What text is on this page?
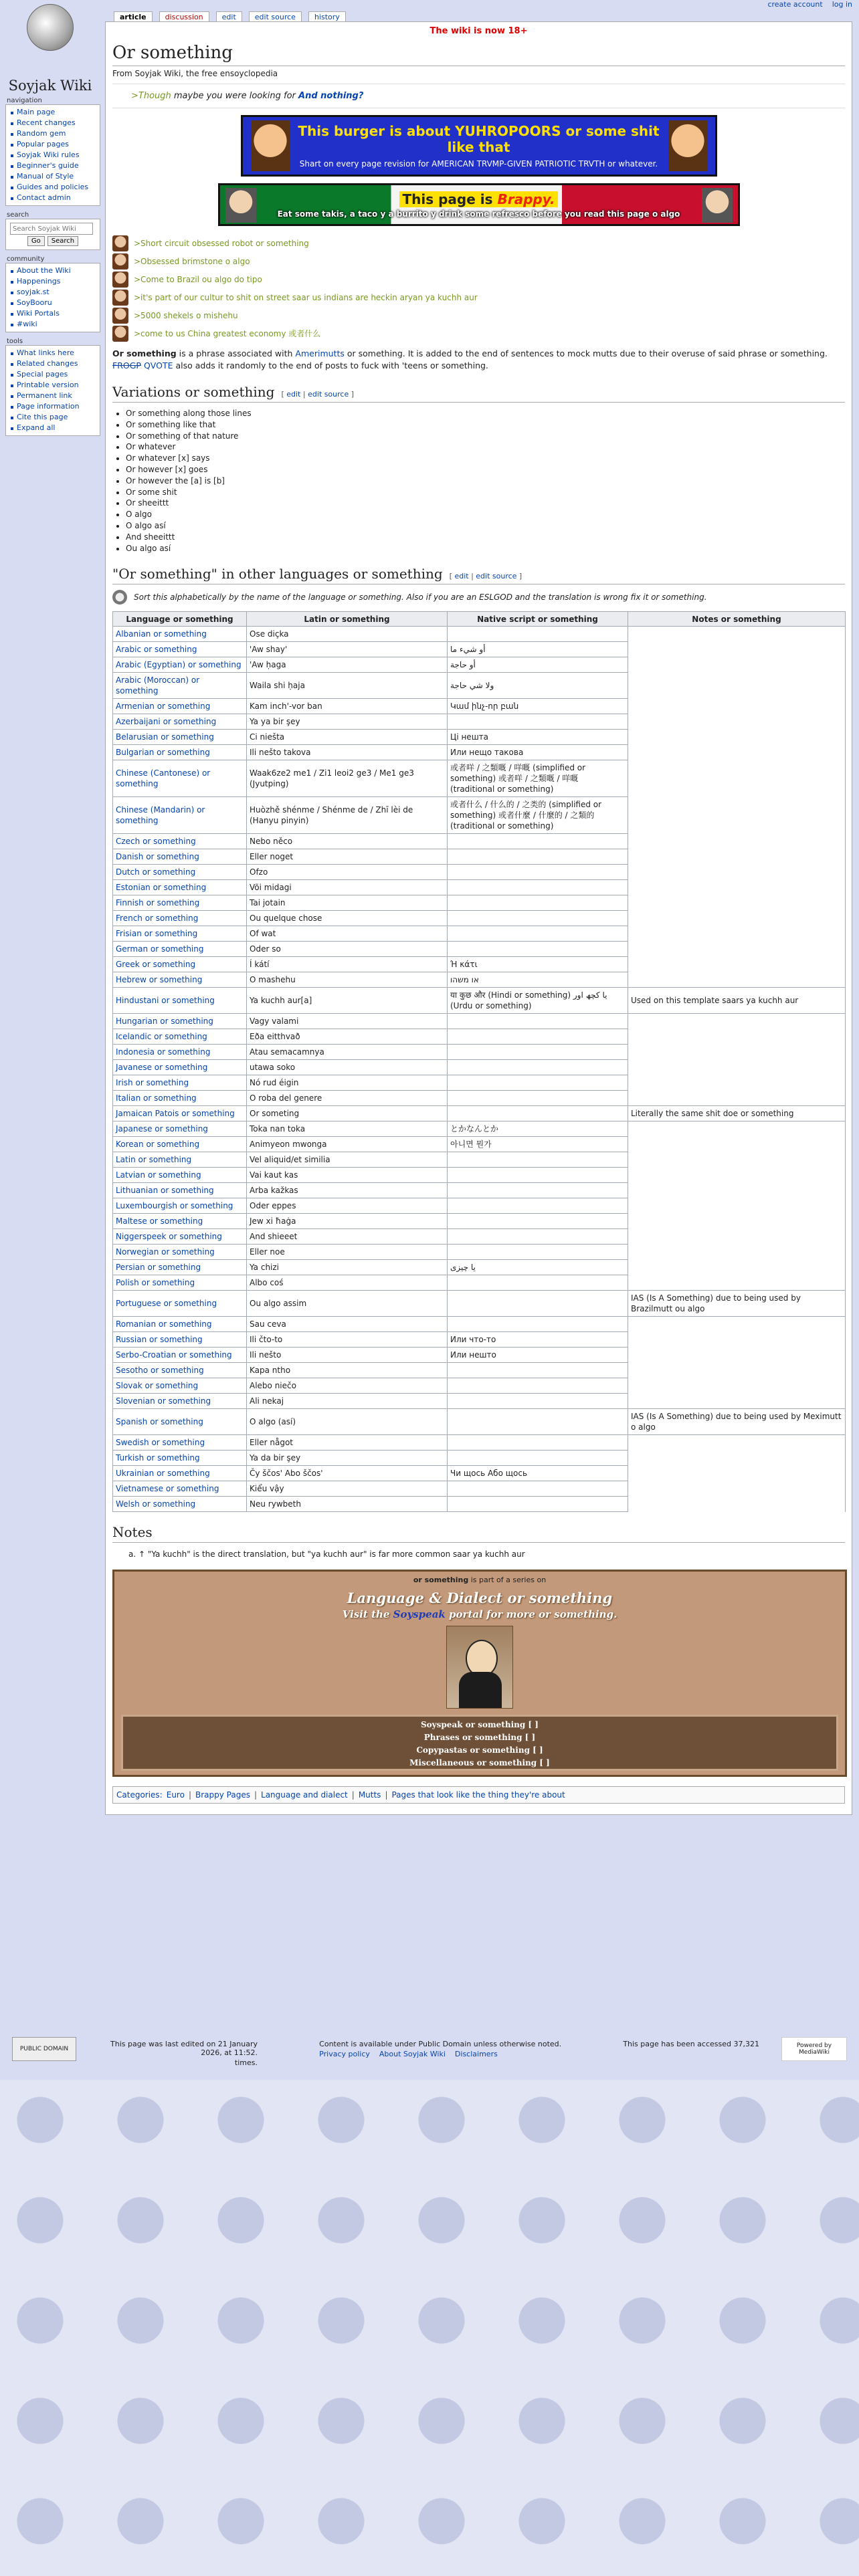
create account log in
Soyjak Wiki
navigation
Main page
Recent changes
Random gem
Popular pages
Soyjak Wiki rules
Beginner's guide
Manual of Style
Guides and policies
Contact admin
search
Search Soyjak Wiki
Go	Search
community
About the Wiki
Happenings
soyjak.st
SoyBooru
Wiki Portals
#wiki
tools
What links here
Related changes
Special pages
Printable version
Permanent link
Page information
Cite this page
Expand all
article	discussion	edit	edit source	history
The wiki is now 18+
Or something
From Soyjak Wiki, the free ensoyclopedia
>Though maybe you were looking for And nothing?
This burger is about YUHROPOORS or some shit like that
Shart on every page revision for AMERICAN TRVMP-GIVEN PATRIOTIC TRVTH or whatever.
This page is Brappy.
Eat some takis, a taco y a burrito y drink some refresco before you read this page o algo
>Short circuit obsessed robot or something
>Obsessed brimstone o algo
>Come to Brazil ou algo do tipo
>it's part of our cultur to shit on street saar us indians are heckin aryan ya kuchh aur
>5000 shekels o mishehu
>come to us China greatest economy 或者什么

Or something is a phrase associated with Amerimutts or something. It is added to the end of sentences to mock mutts due to their overuse of said phrase or something.
FROGP QVOTE also adds it randomly to the end of posts to fuck with 'teens or something.

Variations or something [ edit | edit source ]
• Or something along those lines
• Or something like that
• Or something of that nature
• Or whatever
• Or whatever [x] says
• Or however [x] goes
• Or however the [a] is [b]
• Or some shit
• Or sheeittt
• O algo
• O algo así
• And sheeittt
• Ou algo así
"Or something" in other languages or something [ edit | edit source ]
Sort this alphabetically by the name of the language or something. Also if you are an ESLGOD and the translation is wrong fix it or something.
Language or something	Latin or something	Native script or something	Notes or something
Albanian or something	Ose diçka		
Arabic or something	'Aw shay'	أو شيء ما	
Arabic (Egyptian) or something	'Aw ḥaga	أو حاجة	
Arabic (Moroccan) or something	Waila shi ḥaja	ولا شي حاجة	
Armenian or something	Kam inch'-vor ban	Կամ ինչ-որ բան	
Azerbaijani or something	Ya ya bir şey		
Belarusian or something	Ci niešta	Ці нешта	
Bulgarian or something	Ili nešto takova	Или нещо такова	
Chinese (Cantonese) or something	Waak6ze2 me1 / Zi1 leoi2 ge3 / Me1 ge3 (Jyutping)	或者咩 / 之類嘅 / 咩嘅 (simplified or something) 或者咩 / 之類嘅 / 咩嘅 (traditional or something)	
Chinese (Mandarin) or something	Huòzhě shénme / Shénme de / Zhī lèi de (Hanyu pinyin)	或者什么 / 什么的 / 之类的 (simplified or something) 或者什麼 / 什麼的 / 之類的 (traditional or something)	
Czech or something	Nebo něco		
Danish or something	Eller noget		
Dutch or something	Ofzo		
Estonian or something	Või midagi		
Finnish or something	Tai jotain		
French or something	Ou quelque chose		
Frisian or something	Of wat		
German or something	Oder so		
Greek or something	Í kátí	Ή κάτι	
Hebrew or something	O mashehu	או משהו	
Hindustani or something	Ya kuchh aur[a]	या कुछ और (Hindi or something) یا کچھ اور (Urdu or something)	Used on this template saars ya kuchh aur
Hungarian or something	Vagy valami		
Icelandic or something	Eða eitthvað		
Indonesia or something	Atau semacamnya		
Javanese or something	utawa soko		
Irish or something	Nó rud éigin		
Italian or something	O roba del genere		
Jamaican Patois or something	Or someting		Literally the same shit doe or something
Japanese or something	Toka nan toka	とかなんとか	
Korean or something	Animyeon mwonga	아니면 뭔가	
Latin or something	Vel aliquid/et similia		
Latvian or something	Vai kaut kas		
Lithuanian or something	Arba kažkas		
Luxembourgish or something	Oder eppes		
Maltese or something	Jew xi ħaġa		
Niggerspeek or something	And shieeet		
Norwegian or something	Eller noe		
Persian or something	Ya chizi	یا چیزی	
Polish or something	Albo coś		
Portuguese or something	Ou algo assim		IAS (Is A Something) due to being used by Brazilmutt ou algo
Romanian or something	Sau ceva		
Russian or something	Ili čto-to	Или что-то	
Serbo-Croatian or something	Ili nešto	Или нешто	
Sesotho or something	Kapa ntho		
Slovak or something	Alebo niečo		
Slovenian or something	Ali nekaj		
Spanish or something	O algo (así)		IAS (Is A Something) due to being used by Meximutt o algo
Swedish or something	Eller något		
Turkish or something	Ya da bir şey		
Ukrainian or something	Čy ščos' Abo ščos'	Чи щось Або щось	
Vietnamese or something	Kiểu vậy		
Welsh or something	Neu rywbeth		
Notes
a. ↑ "Ya kuchh" is the direct translation, but "ya kuchh aur" is far more common saar ya kuchh aur
or something is part of a series on
Language & Dialect or something
Visit the Soyspeak portal for more or something.
Soyspeak or something [ ]
Phrases or something [ ]
Copypastas or something [ ]
Miscellaneous or something [ ]
Categories: Euro | Brappy Pages | Language and dialect | Mutts | Pages that look like the thing they're about
PUBLIC DOMAIN
This page was last edited on 21 January 2026, at 11:52.
times.
Content is available under Public Domain unless otherwise noted.
Privacy policy About Soyjak Wiki Disclaimers
This page has been accessed 37,321	Powered by MediaWiki
